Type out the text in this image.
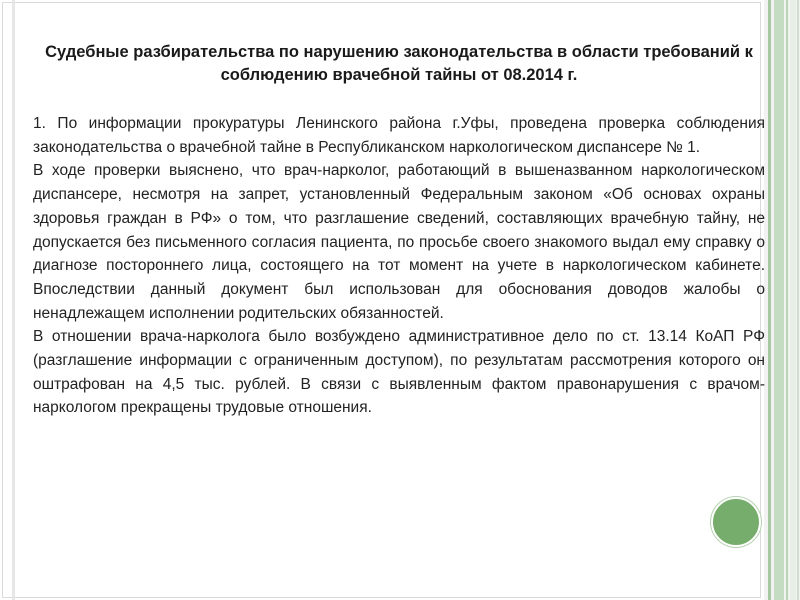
Судебные разбирательства по нарушению законодательства в области требований к соблюдению врачебной тайны от 08.2014 г.

1. По информации прокуратуры Ленинского района г.Уфы, проведена проверка соблюдения законодательства о врачебной тайне в Республиканском наркологическом диспансере № 1.

В ходе проверки выяснено, что врач-нарколог, работающий в вышеназванном наркологическом диспансере, несмотря на запрет, установленный Федеральным законом «Об основах охраны здоровья граждан в РФ» о том, что разглашение сведений, составляющих врачебную тайну, не допускается без письменного согласия пациента, по просьбе своего знакомого выдал ему справку о диагнозе постороннего лица, состоящего на тот момент на учете в наркологическом кабинете. Впоследствии данный документ был использован для обоснования доводов жалобы о ненадлежащем исполнении родительских обязанностей.

В отношении врача-нарколога было возбуждено административное дело по ст. 13.14 КоАП РФ (разглашение информации с ограниченным доступом), по результатам рассмотрения которого он оштрафован на 4,5 тыс. рублей. В связи с выявленным фактом правонарушения с врачом-наркологом прекращены трудовые отношения.
